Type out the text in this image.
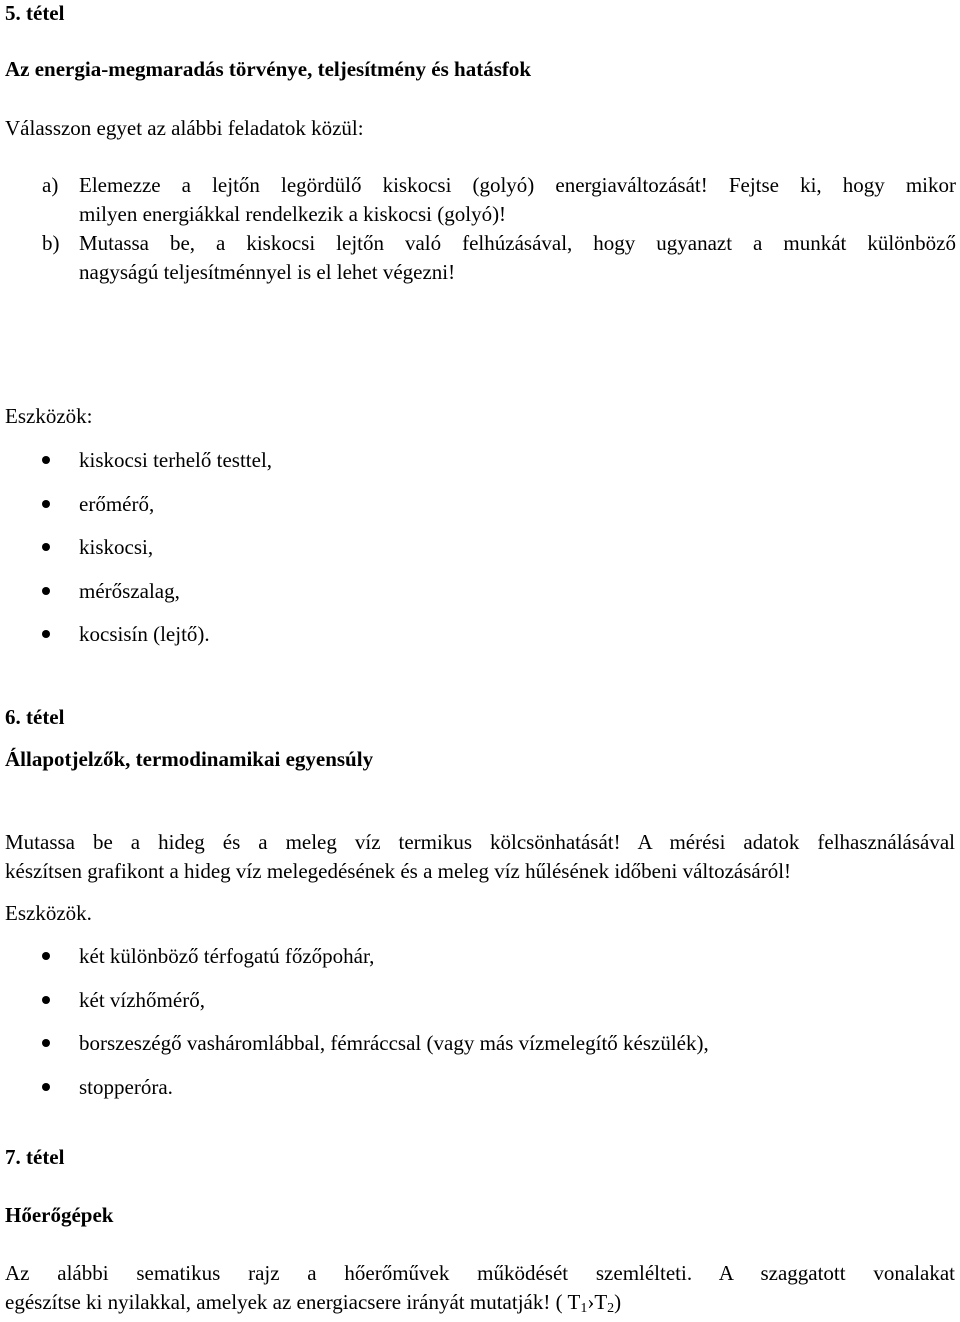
5. tétel
Az energia-megmaradás törvénye, teljesítmény és hatásfok
Válasszon egyet az alábbi feladatok közül:
a) Elemezze a lejtőn legördülő kiskocsi (golyó) energiaváltozását! Fejtse ki, hogy mikor
milyen energiákkal rendelkezik a kiskocsi (golyó)!
b) Mutassa be, a kiskocsi lejtőn való felhúzásával, hogy ugyanazt a munkát különböző
nagyságú teljesítménnyel is el lehet végezni!
Eszközök:
kiskocsi terhelő testtel,
erőmérő,
kiskocsi,
mérőszalag,
kocsisín (lejtő).
6. tétel
Állapotjelzők, termodinamikai egyensúly
Mutassa be a hideg és a meleg víz termikus kölcsönhatását! A mérési adatok felhasználásával
készítsen grafikont a hideg víz melegedésének és a meleg víz hűlésének időbeni változásáról!
Eszközök.
két különböző térfogatú főzőpohár,
két vízhőmérő,
borszeszégő vasháromlábbal, fémráccsal (vagy más vízmelegítő készülék),
stopperóra.
7. tétel
Hőerőgépek
Az alábbi sematikus rajz a hőerőművek működését szemlélteti. A szaggatott vonalakat
egészítse ki nyilakkal, amelyek az energiacsere irányát mutatják! ( $T_1›T_2$)
